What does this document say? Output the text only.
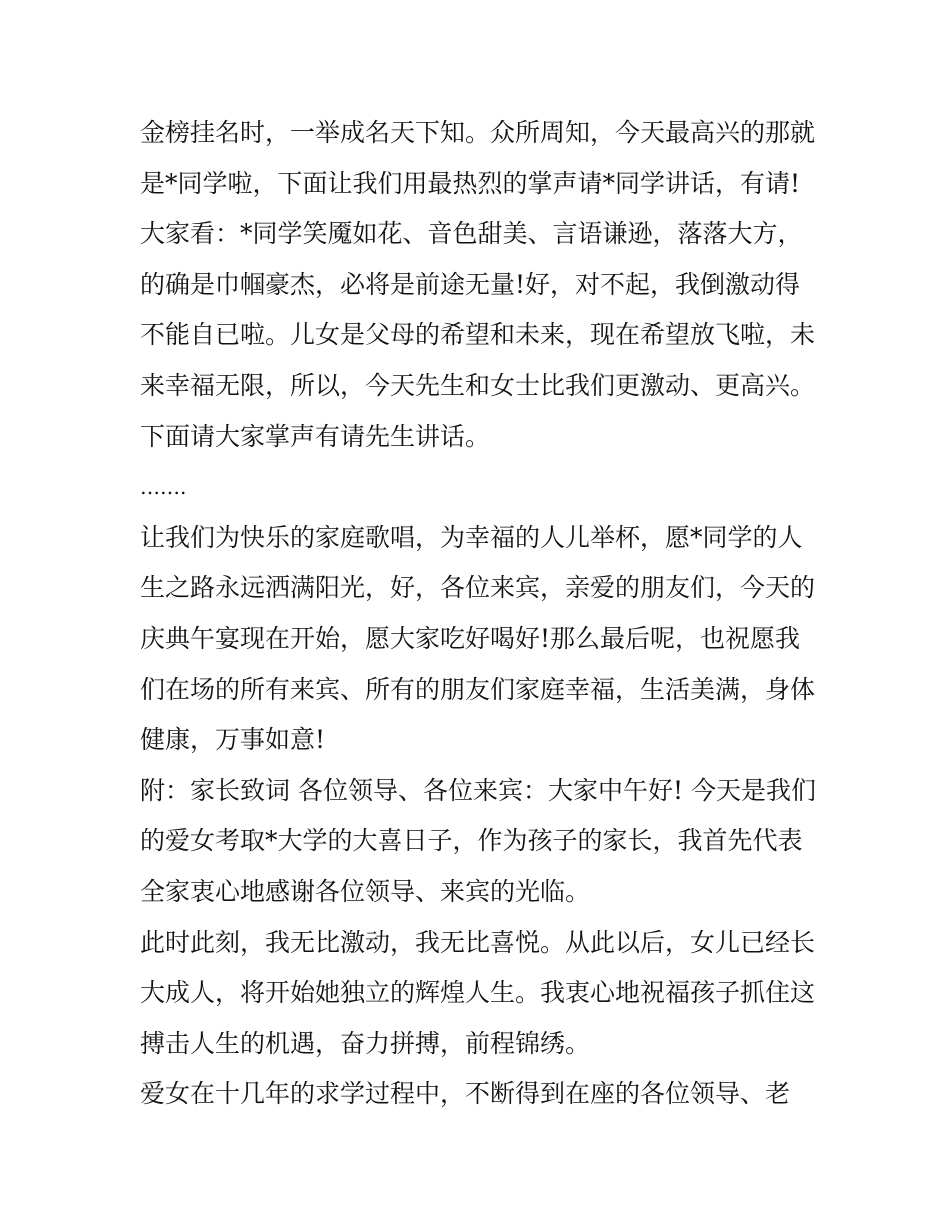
金榜挂名时，一举成名天下知。众所周知，今天最高兴的那就
是*同学啦，下面让我们用最热烈的掌声请*同学讲话，有请!
大家看：*同学笑魇如花、音色甜美、言语谦逊，落落大方，
的确是巾帼豪杰，必将是前途无量!好，对不起，我倒激动得
不能自已啦。儿女是父母的希望和未来，现在希望放飞啦，未
来幸福无限，所以，今天先生和女士比我们更激动、更高兴。
下面请大家掌声有请先生讲话。
…….
让我们为快乐的家庭歌唱，为幸福的人儿举杯，愿*同学的人
生之路永远洒满阳光，好，各位来宾，亲爱的朋友们，今天的
庆典午宴现在开始，愿大家吃好喝好!那么最后呢，也祝愿我
们在场的所有来宾、所有的朋友们家庭幸福，生活美满，身体
健康，万事如意!
附：家长致词 各位领导、各位来宾：大家中午好! 今天是我们
的爱女考取*大学的大喜日子，作为孩子的家长，我首先代表
全家衷心地感谢各位领导、来宾的光临。
此时此刻，我无比激动，我无比喜悦。从此以后，女儿已经长
大成人，将开始她独立的辉煌人生。我衷心地祝福孩子抓住这
搏击人生的机遇，奋力拼搏，前程锦绣。
爱女在十几年的求学过程中，不断得到在座的各位领导、老
